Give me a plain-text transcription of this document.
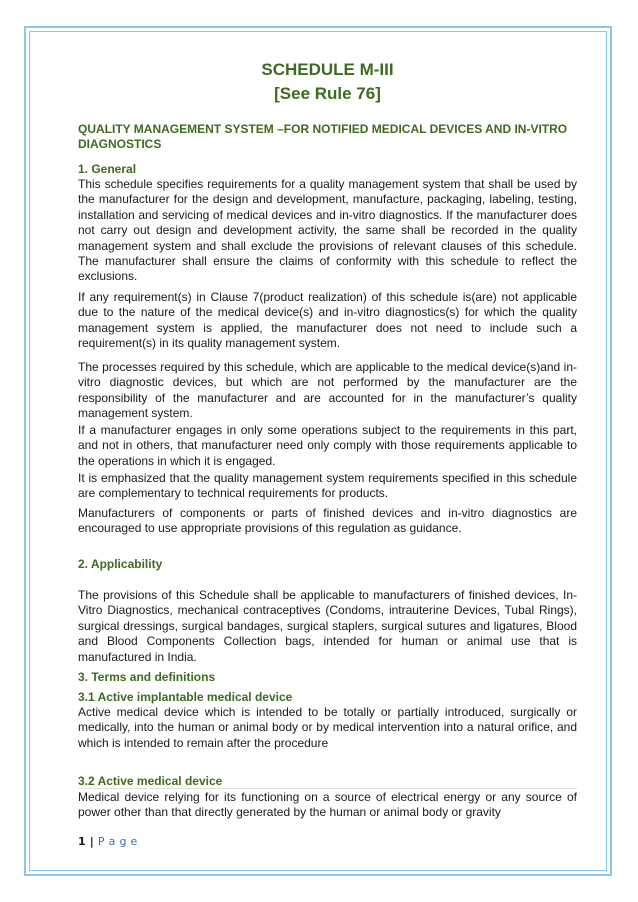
SCHEDULE M-III
[See Rule 76]
QUALITY MANAGEMENT SYSTEM –FOR NOTIFIED MEDICAL DEVICES AND IN-VITRO DIAGNOSTICS
1. General
This schedule specifies requirements for a quality management system that shall be used by the manufacturer for the design and development, manufacture, packaging, labeling, testing, installation and servicing of medical devices and in-vitro diagnostics. If the manufacturer does not carry out design and development activity, the same shall be recorded in the quality management system and shall exclude the provisions of relevant clauses of this schedule. The manufacturer shall ensure the claims of conformity with this schedule to reflect the exclusions.
If any requirement(s) in Clause 7(product realization) of this schedule is(are) not applicable due to the nature of the medical device(s) and in-vitro diagnostics(s) for which the quality management system is applied, the manufacturer does not need to include such a requirement(s) in its quality management system.
The processes required by this schedule, which are applicable to the medical device(s)and in-vitro diagnostic devices, but which are not performed by the manufacturer are the responsibility of the manufacturer and are accounted for in the manufacturer’s quality management system.
If a manufacturer engages in only some operations subject to the requirements in this part, and not in others, that manufacturer need only comply with those requirements applicable to the operations in which it is engaged.
It is emphasized that the quality management system requirements specified in this schedule are complementary to technical requirements for products.
Manufacturers of components or parts of finished devices and in-vitro diagnostics are encouraged to use appropriate provisions of this regulation as guidance.
2. Applicability
The provisions of this Schedule shall be applicable to manufacturers of finished devices, In-Vitro Diagnostics, mechanical contraceptives (Condoms, intrauterine Devices, Tubal Rings), surgical dressings, surgical bandages, surgical staplers, surgical sutures and ligatures, Blood and Blood Components Collection bags, intended for human or animal use that is manufactured in India.
3. Terms and definitions
3.1 Active implantable medical device
Active medical device which is intended to be totally or partially introduced, surgically or medically, into the human or animal body or by medical intervention into a natural orifice, and which is intended to remain after the procedure
3.2 Active medical device
Medical device relying for its functioning on a source of electrical energy or any source of power other than that directly generated by the human or animal body or gravity
1 | P a g e
